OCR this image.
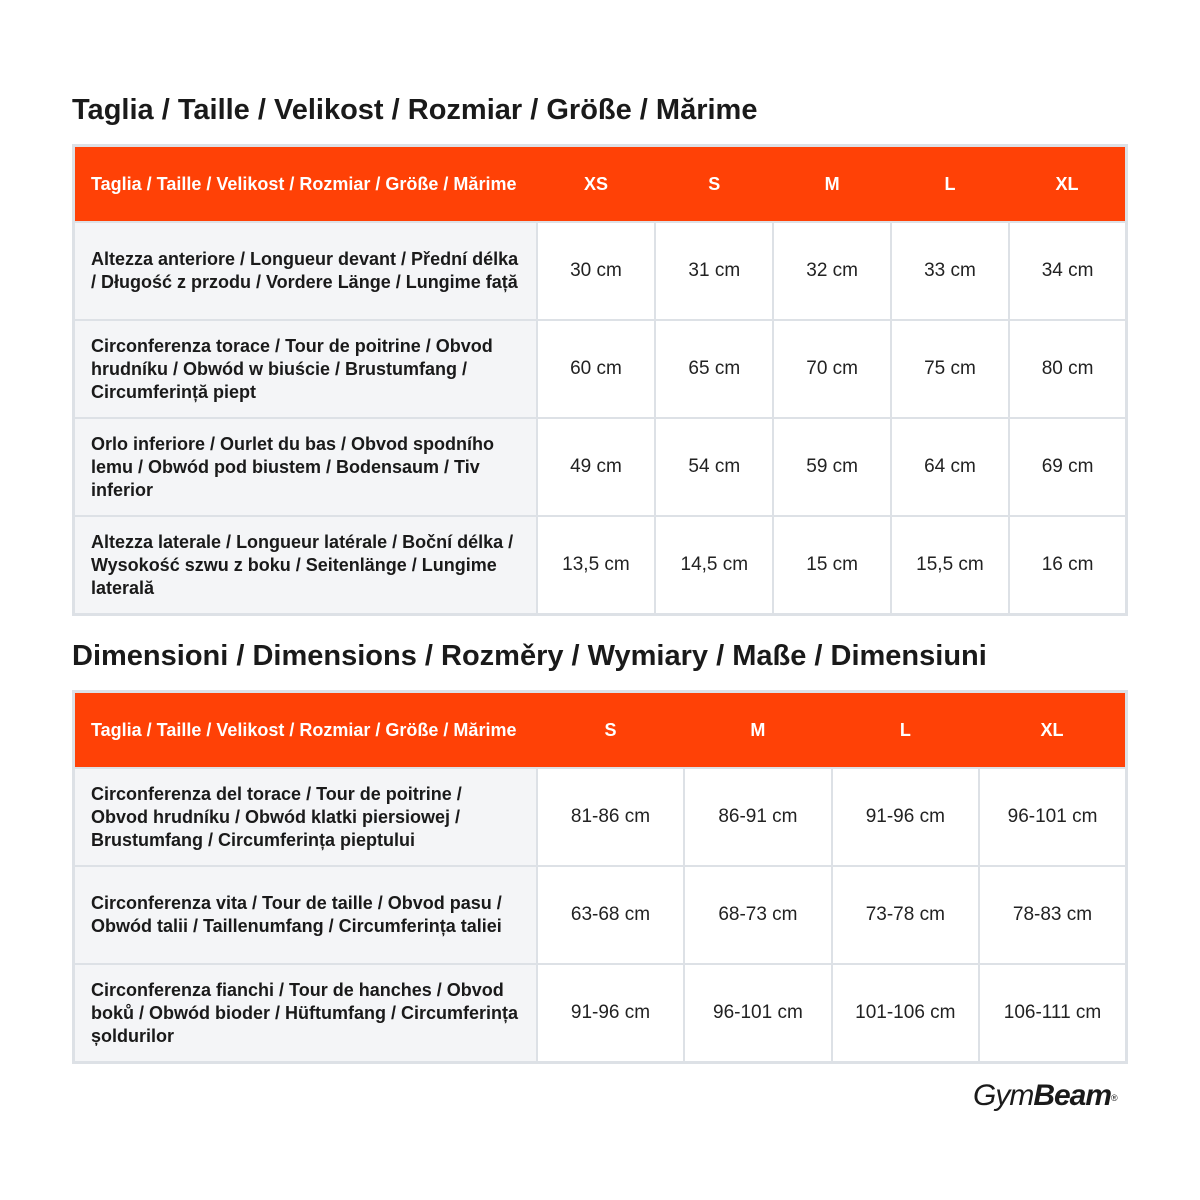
Taglia / Taille / Velikost / Rozmiar / Größe / Mărime
Taglia / Taille / Velikost / Rozmiar / Größe / Mărime	XS	S	M	L	XL
Altezza anteriore / Longueur devant / Přední délka / Długość z przodu / Vordere Länge / Lungime față	30 cm	31 cm	32 cm	33 cm	34 cm
Circonferenza torace / Tour de poitrine / Obvod hrudníku / Obwód w biuście / Brustumfang / Circumferință piept	60 cm	65 cm	70 cm	75 cm	80 cm
Orlo inferiore / Ourlet du bas / Obvod spodního lemu / Obwód pod biustem / Bodensaum / Tiv inferior	49 cm	54 cm	59 cm	64 cm	69 cm
Altezza laterale / Longueur latérale / Boční délka / Wysokość szwu z boku / Seitenlänge / Lungime laterală	13,5 cm	14,5 cm	15 cm	15,5 cm	16 cm
Dimensioni / Dimensions / Rozměry / Wymiary / Maße / Dimensiuni
Taglia / Taille / Velikost / Rozmiar / Größe / Mărime	S	M	L	XL
Circonferenza del torace / Tour de poitrine / Obvod hrudníku / Obwód klatki piersiowej / Brustumfang / Circumferința pieptului	81-86 cm	86-91 cm	91-96 cm	96-101 cm
Circonferenza vita / Tour de taille / Obvod pasu / Obwód talii / Taillenumfang / Circumferința taliei	63-68 cm	68-73 cm	73-78 cm	78-83 cm
Circonferenza fianchi / Tour de hanches / Obvod boků / Obwód bioder / Hüftumfang / Circumferința șoldurilor	91-96 cm	96-101 cm	101-106 cm	106-111 cm
GymBeam®
